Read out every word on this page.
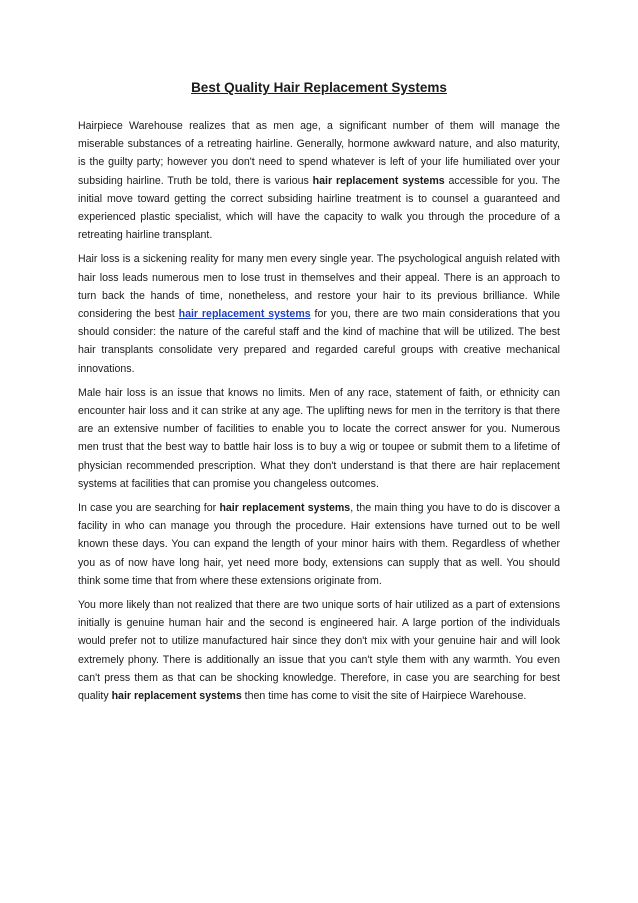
Best Quality Hair Replacement Systems

Hairpiece Warehouse realizes that as men age, a significant number of them will manage the miserable substances of a retreating hairline. Generally, hormone awkward nature, and also maturity, is the guilty party; however you don't need to spend whatever is left of your life humiliated over your subsiding hairline. Truth be told, there is various hair replacement systems accessible for you. The initial move toward getting the correct subsiding hairline treatment is to counsel a guaranteed and experienced plastic specialist, which will have the capacity to walk you through the procedure of a retreating hairline transplant.

Hair loss is a sickening reality for many men every single year. The psychological anguish related with hair loss leads numerous men to lose trust in themselves and their appeal. There is an approach to turn back the hands of time, nonetheless, and restore your hair to its previous brilliance. While considering the best hair replacement systems for you, there are two main considerations that you should consider: the nature of the careful staff and the kind of machine that will be utilized. The best hair transplants consolidate very prepared and regarded careful groups with creative mechanical innovations.

Male hair loss is an issue that knows no limits. Men of any race, statement of faith, or ethnicity can encounter hair loss and it can strike at any age. The uplifting news for men in the territory is that there are an extensive number of facilities to enable you to locate the correct answer for you. Numerous men trust that the best way to battle hair loss is to buy a wig or toupee or submit them to a lifetime of physician recommended prescription. What they don't understand is that there are hair replacement systems at facilities that can promise you changeless outcomes.

In case you are searching for hair replacement systems, the main thing you have to do is discover a facility in who can manage you through the procedure. Hair extensions have turned out to be well known these days. You can expand the length of your minor hairs with them. Regardless of whether you as of now have long hair, yet need more body, extensions can supply that as well. You should think some time that from where these extensions originate from.

You more likely than not realized that there are two unique sorts of hair utilized as a part of extensions initially is genuine human hair and the second is engineered hair. A large portion of the individuals would prefer not to utilize manufactured hair since they don't mix with your genuine hair and will look extremely phony. There is additionally an issue that you can't style them with any warmth. You even can't press them as that can be shocking knowledge. Therefore, in case you are searching for best quality hair replacement systems then time has come to visit the site of Hairpiece Warehouse.
